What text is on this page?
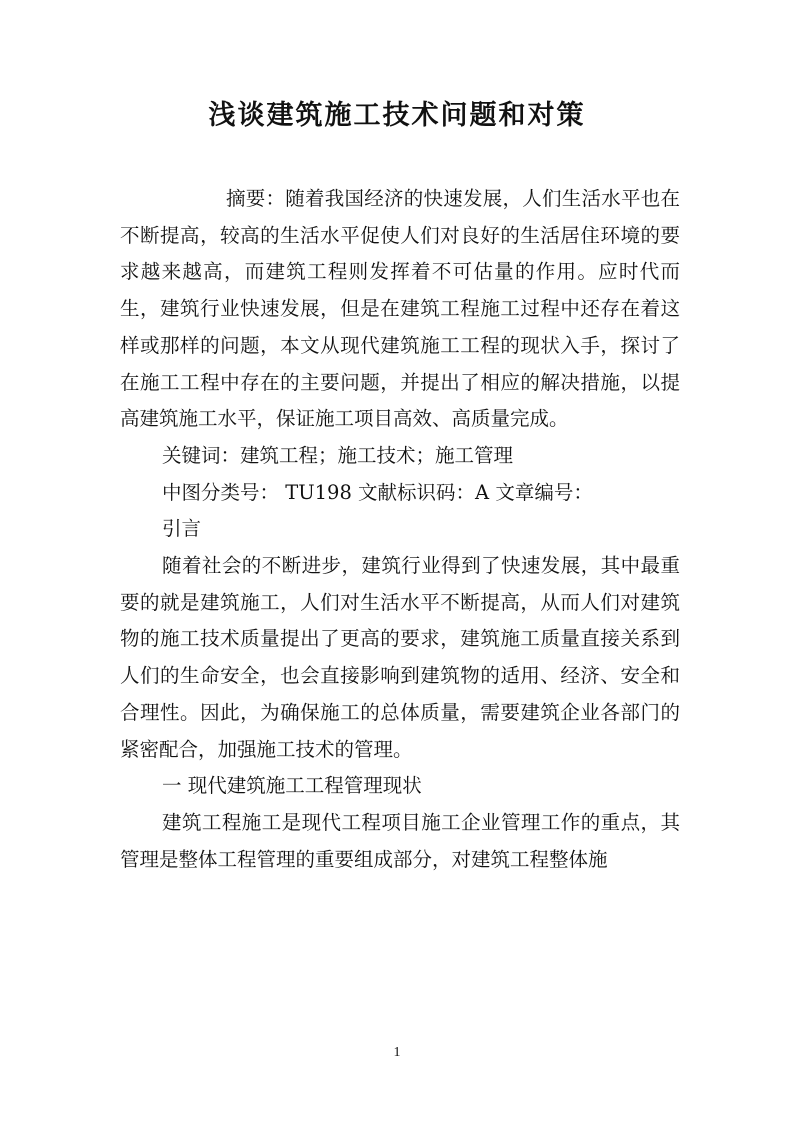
浅谈建筑施工技术问题和对策

摘要：随着我国经济的快速发展，人们生活水平也在不断提高，较高的生活水平促使人们对良好的生活居住环境的要求越来越高，而建筑工程则发挥着不可估量的作用。应时代而生，建筑行业快速发展，但是在建筑工程施工过程中还存在着这样或那样的问题，本文从现代建筑施工工程的现状入手，探讨了在施工工程中存在的主要问题，并提出了相应的解决措施，以提高建筑施工水平，保证施工项目高效、高质量完成。

关键词：建筑工程；施工技术；施工管理

中图分类号： TU198 文献标识码：A 文章编号：

引言

随着社会的不断进步，建筑行业得到了快速发展，其中最重要的就是建筑施工，人们对生活水平不断提高，从而人们对建筑物的施工技术质量提出了更高的要求，建筑施工质量直接关系到人们的生命安全，也会直接影响到建筑物的适用、经济、安全和合理性。因此，为确保施工的总体质量，需要建筑企业各部门的紧密配合，加强施工技术的管理。

一 现代建筑施工工程管理现状

建筑工程施工是现代工程项目施工企业管理工作的重点，其管理是整体工程管理的重要组成部分，对建筑工程整体施

1
